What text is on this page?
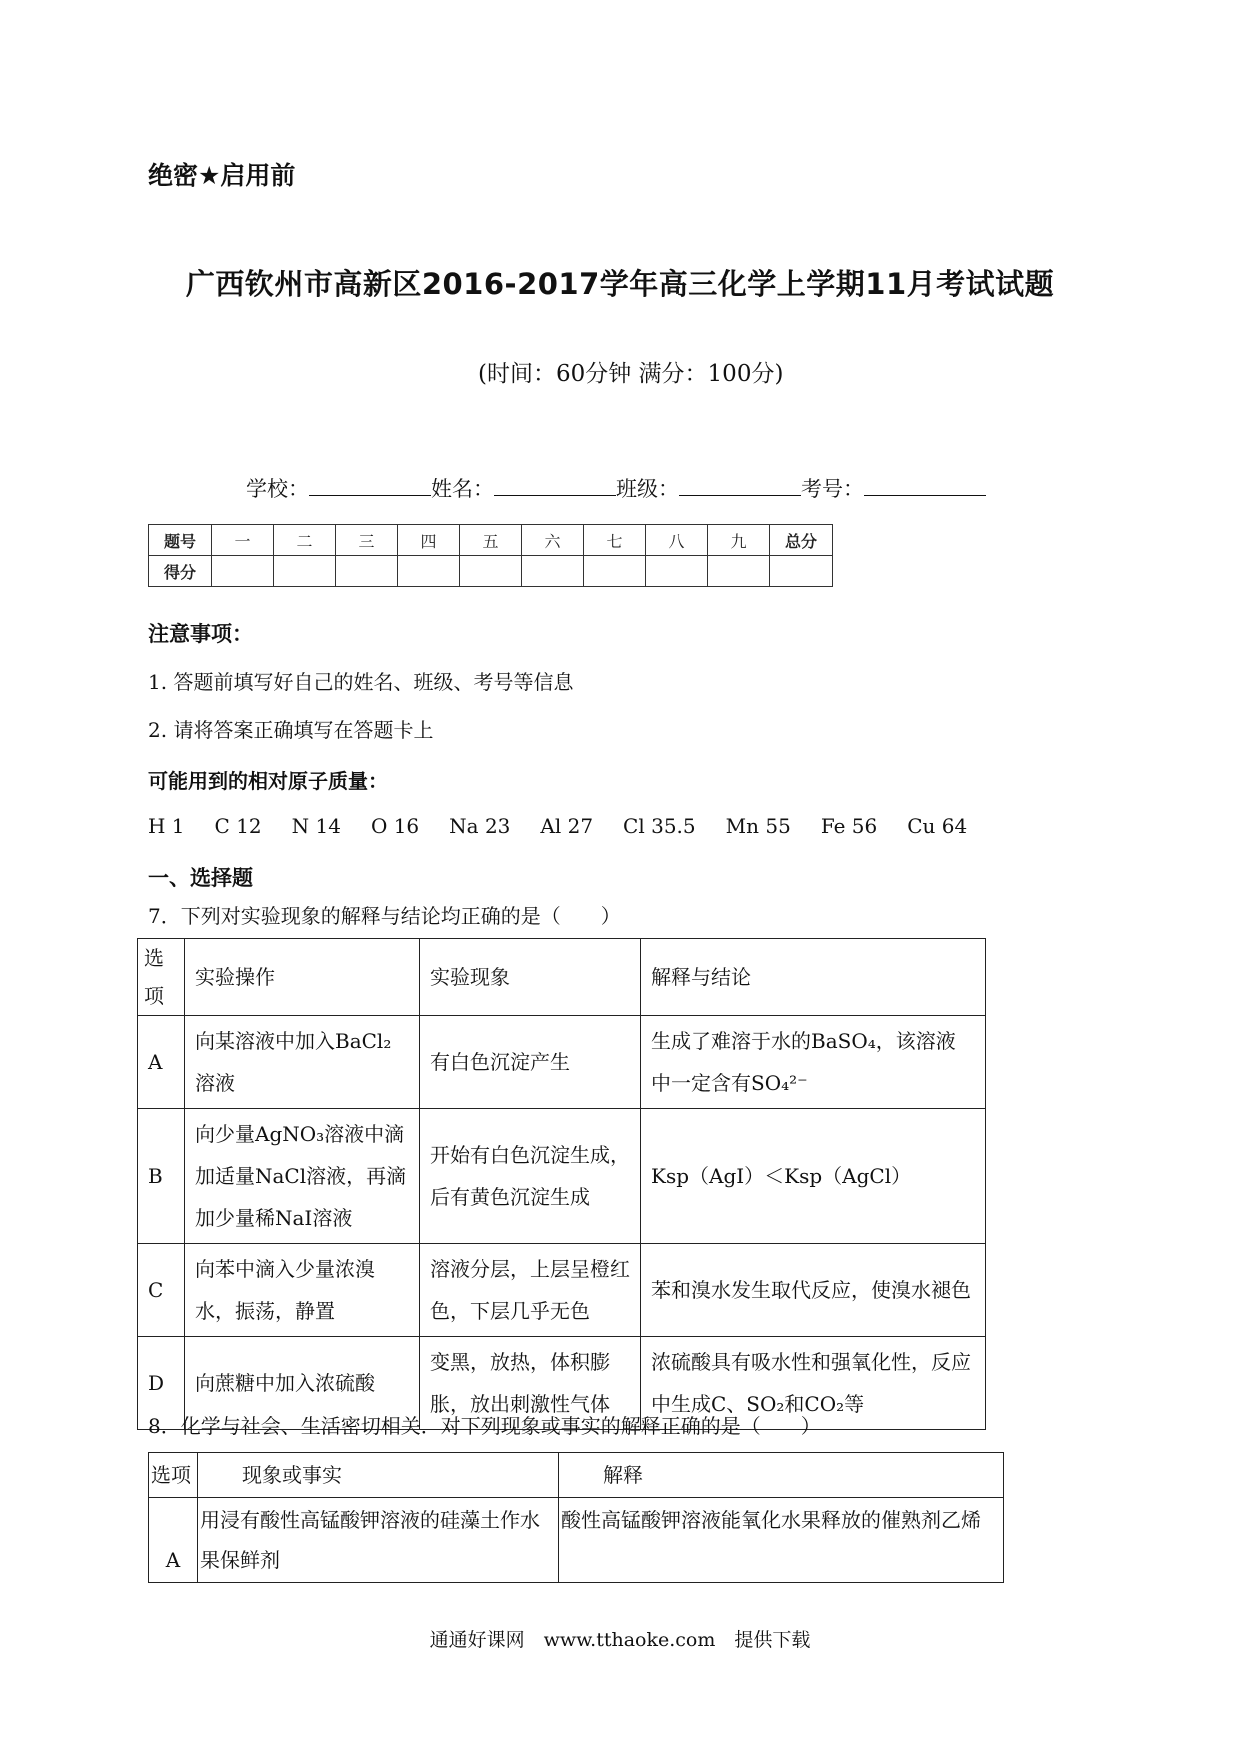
绝密★启用前
广西钦州市高新区2016-2017学年高三化学上学期11月考试试题
(时间：60分钟 满分：100分)
学校：	姓名：	班级：	考号：
题号	一	二	三	四	五	六	七	八	九	总分
得分										
注意事项：
1. 答题前填写好自己的姓名、班级、考号等信息
2. 请将答案正确填写在答题卡上
可能用到的相对原子质量：
H 1 C 12 N 14 O 16 Na 23 Al 27 Cl 35.5 Mn 55 Fe 56 Cu 64
一、选择题
7．下列对实验现象的解释与结论均正确的是（　　）
选项	实验操作	实验现象	解释与结论
A	向某溶液中加入BaCl₂溶液	有白色沉淀产生	生成了难溶于水的BaSO₄，该溶液中一定含有SO₄²⁻
B	向少量AgNO₃溶液中滴加适量NaCl溶液，再滴加少量稀NaI溶液	开始有白色沉淀生成，后有黄色沉淀生成	Ksp（AgI）＜Ksp（AgCl）
C	向苯中滴入少量浓溴水，振荡，静置	溶液分层，上层呈橙红色，下层几乎无色	苯和溴水发生取代反应，使溴水褪色
D	向蔗糖中加入浓硫酸	变黑，放热，体积膨胀，放出刺激性气体	浓硫酸具有吸水性和强氧化性，反应中生成C、SO₂和CO₂等
8．化学与社会、生活密切相关．对下列现象或事实的解释正确的是（　　）
选项	现象或事实	解释
A	用浸有酸性高锰酸钾溶液的硅藻土作水果保鲜剂	酸性高锰酸钾溶液能氧化水果释放的催熟剂乙烯
通通好课网　www.tthaoke.com　提供下载
